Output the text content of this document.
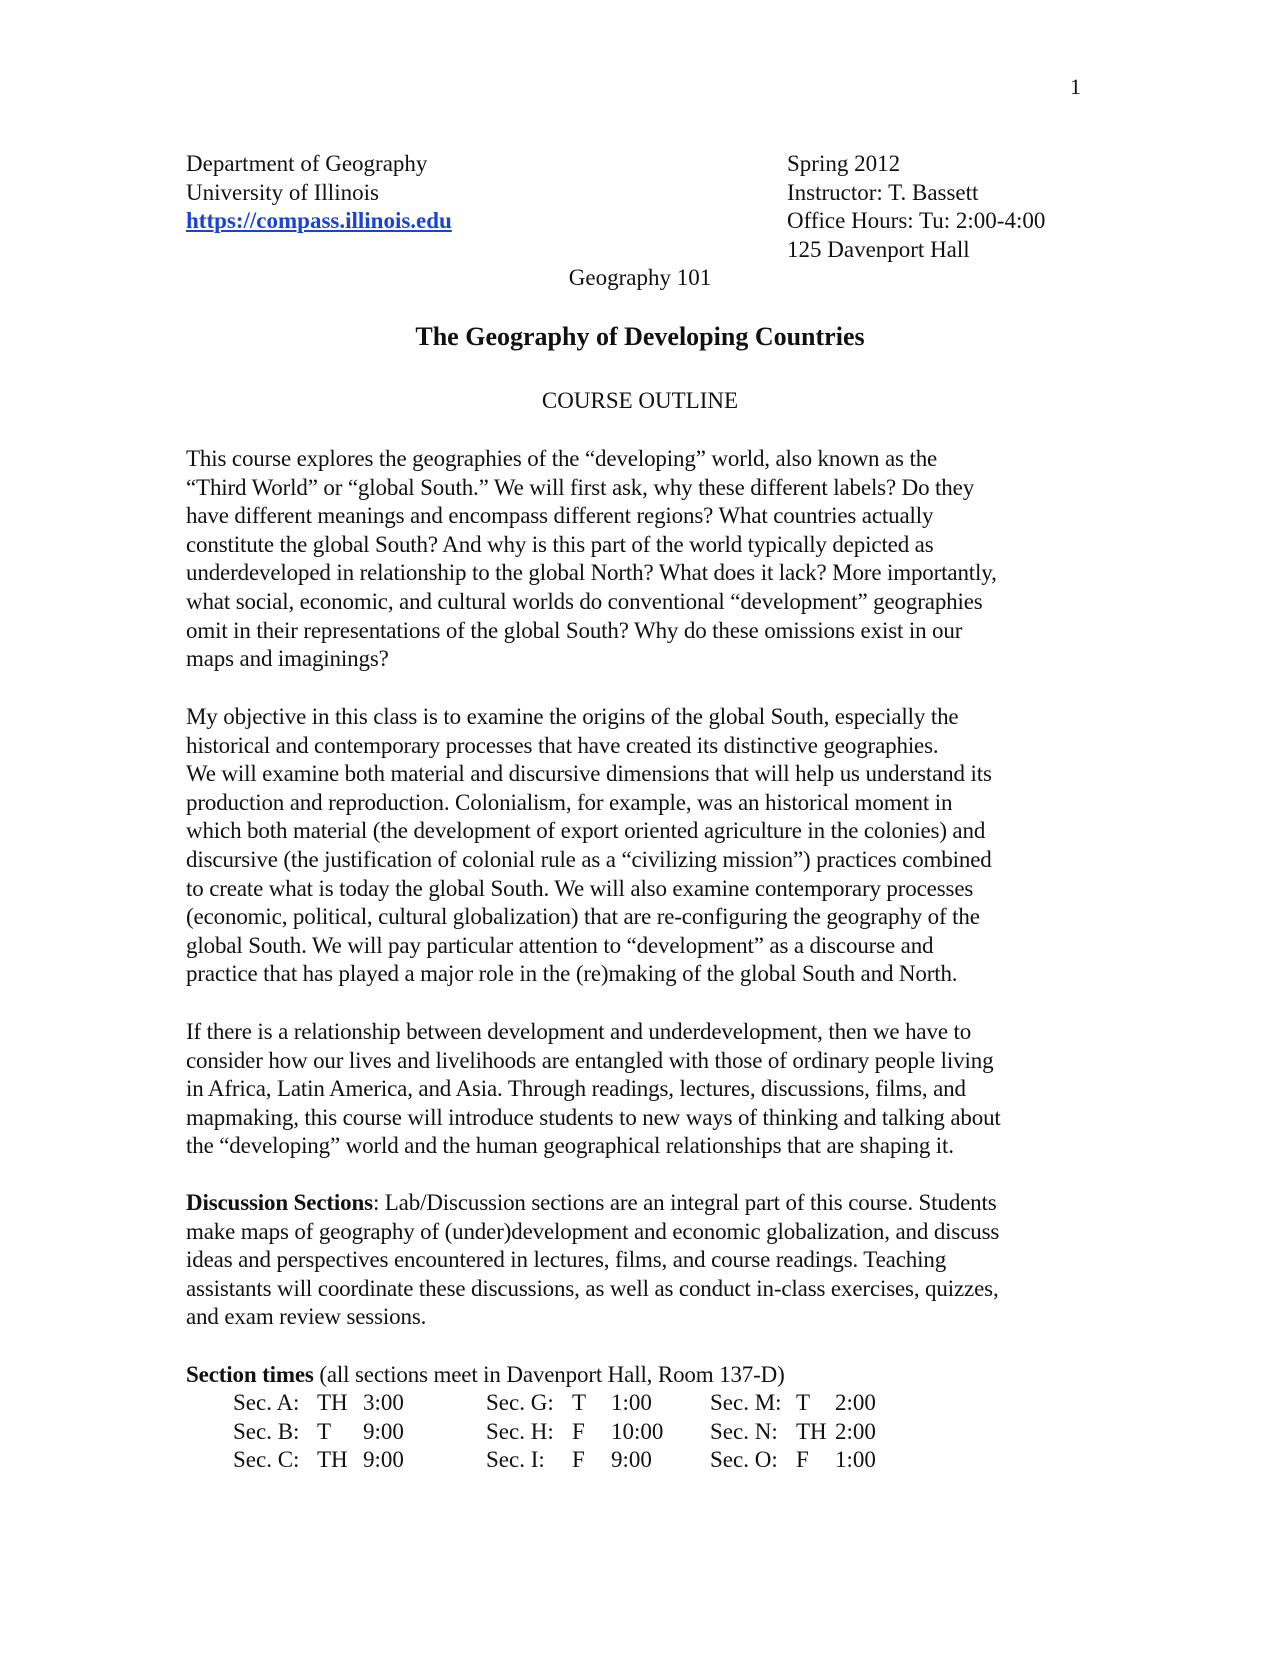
1
Department of Geography
University of Illinois
https://compass.illinois.edu
Spring 2012
Instructor: T. Bassett
Office Hours: Tu: 2:00-4:00
125 Davenport Hall
Geography 101
The Geography of Developing Countries
COURSE OUTLINE

This course explores the geographies of the “developing” world, also known as the
“Third World” or “global South.” We will first ask, why these different labels? Do they
have different meanings and encompass different regions? What countries actually
constitute the global South? And why is this part of the world typically depicted as
underdeveloped in relationship to the global North? What does it lack? More importantly,
what social, economic, and cultural worlds do conventional “development” geographies
omit in their representations of the global South? Why do these omissions exist in our
maps and imaginings?

My objective in this class is to examine the origins of the global South, especially the
historical and contemporary processes that have created its distinctive geographies.
We will examine both material and discursive dimensions that will help us understand its
production and reproduction. Colonialism, for example, was an historical moment in
which both material (the development of export oriented agriculture in the colonies) and
discursive (the justification of colonial rule as a “civilizing mission”) practices combined
to create what is today the global South. We will also examine contemporary processes
(economic, political, cultural globalization) that are re-configuring the geography of the
global South. We will pay particular attention to “development” as a discourse and
practice that has played a major role in the (re)making of the global South and North.

If there is a relationship between development and underdevelopment, then we have to
consider how our lives and livelihoods are entangled with those of ordinary people living
in Africa, Latin America, and Asia. Through readings, lectures, discussions, films, and
mapmaking, this course will introduce students to new ways of thinking and talking about
the “developing” world and the human geographical relationships that are shaping it.

Discussion Sections: Lab/Discussion sections are an integral part of this course. Students
make maps of geography of (under)development and economic globalization, and discuss
ideas and perspectives encountered in lectures, films, and course readings. Teaching
assistants will coordinate these discussions, as well as conduct in-class exercises, quizzes,
and exam review sessions.

Section times (all sections meet in Davenport Hall, Room 137-D)

Sec. A: TH 3:00	Sec. G: T 1:00	Sec. M: T 2:00
Sec. B: T 9:00	Sec. H: F 10:00 Sec. N: TH 2:00
Sec. C: TH 9:00	Sec. I: F 9:00	Sec. O: F 1:00
